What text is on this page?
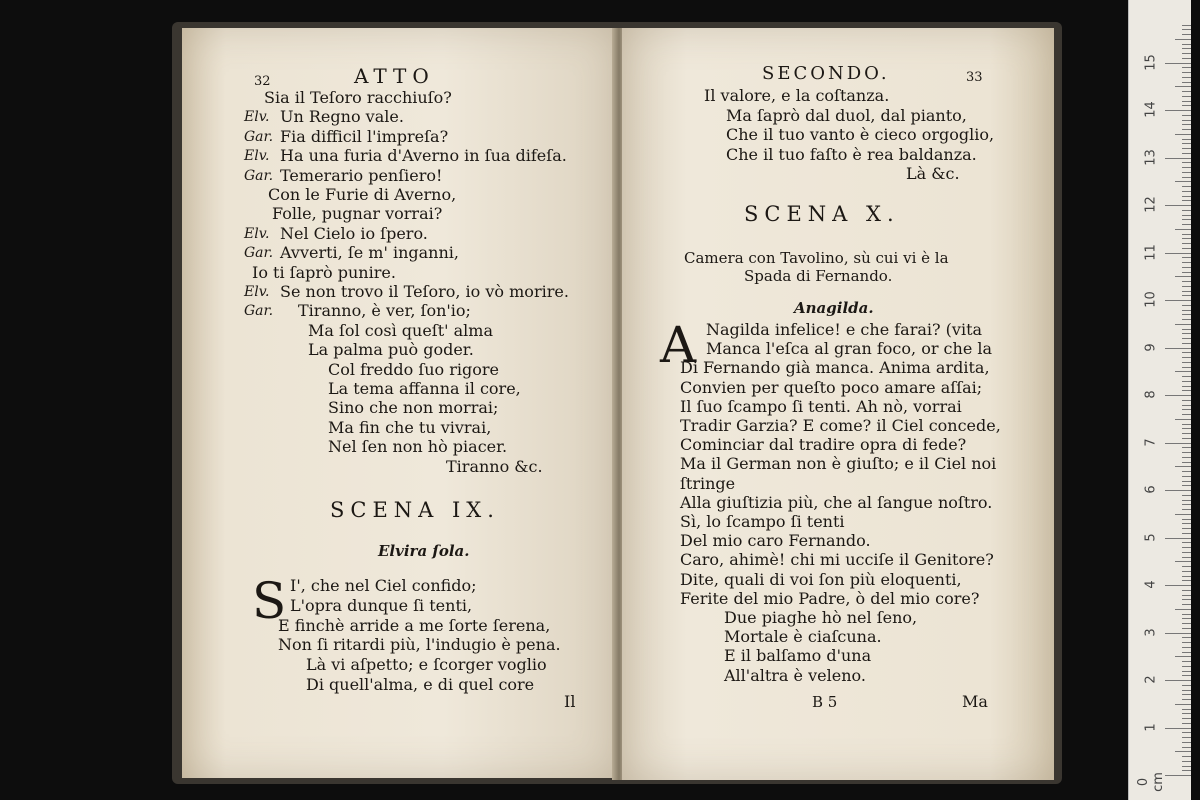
32	ATTO
Sia il Teſoro racchiuſo?
Elv. Un Regno vale.
Gar. Fia difficil l'impreſa?
Elv. Ha una furia d'Averno in ſua difeſa.
Gar. Temerario penſiero!
Con le Furie di Averno,
Folle, pugnar vorrai?
Elv. Nel Cielo io ſpero.
Gar. Avverti, ſe m' inganni,
Io ti ſaprò punire.
Elv. Se non trovo il Teſoro, io vò morire.
Gar. Tiranno, è ver, ſon'io;
Ma ſol così queſt' alma
La palma può goder.
Col freddo ſuo rigore
La tema affanna il core,
Sino che non morrai;
Ma fin che tu vivrai,
Nel ſen non hò piacer.
Tiranno &c.
SCENA IX.
Elvira ſola.
S I', che nel Ciel confido;
L'opra dunque ſi tenti,
E finchè arride a me ſorte ſerena,
Non ſi ritardi più, l'indugio è pena.
Là vi aſpetto; e ſcorger voglio
Di quell'alma, e di quel core
Il
SECONDO.	33
Il valore, e la coſtanza.
Ma ſaprò dal duol, dal pianto,
Che il tuo vanto è cieco orgoglio,
Che il tuo faſto è rea baldanza.
Là &c.
SCENA X.
Camera con Tavolino, sù cui vi è la
Spada di Fernando.
Anagilda.
A Nagilda infelice! e che farai? (vita
Manca l'eſca al gran foco, or che la
Di Fernando già manca. Anima ardita,
Convien per queſto poco amare aſſai;
Il ſuo ſcampo ſi tenti. Ah nò, vorrai
Tradir Garzia? E come? il Ciel concede,
Cominciar dal tradire opra di fede?
Ma il German non è giuſto; e il Ciel noi
ſtringe
Alla giuſtizia più, che al ſangue noſtro.
Sì, lo ſcampo ſi tenti
Del mio caro Fernando.
Caro, ahimè! chi mi ucciſe il Genitore?
Dite, quali di voi ſon più eloquenti,
Ferite del mio Padre, ò del mio core?
Due piaghe hò nel ſeno,
Mortale è ciaſcuna.
E il balſamo d'una
All'altra è veleno.
B 5	Ma
0 cm
1
2
3
4
5
6
7
8
9
10
11
12
13
14
15
